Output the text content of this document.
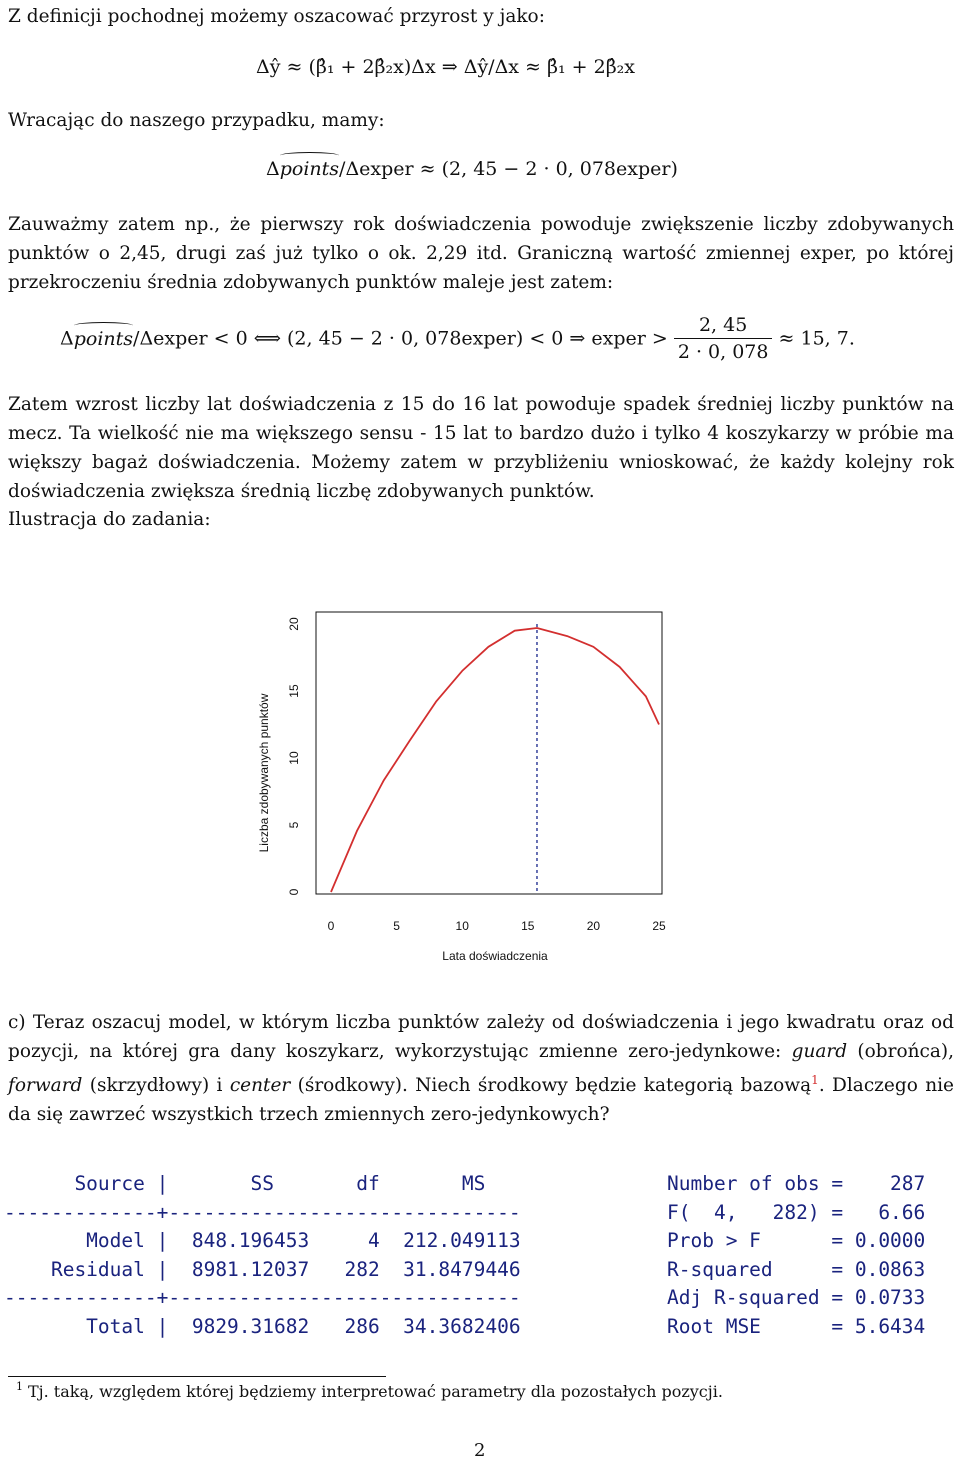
Z definicji pochodnej możemy oszacować przyrost y jako:

Δŷ ≈ (β̂₁ + 2β̂₂x)Δx ⇒ Δŷ/Δx ≈ β̂₁ + 2β̂₂x

Wracając do naszego przypadku, mamy:

Δpoints/Δexper ≈ (2, 45 − 2 · 0, 078exper)

Zauważmy zatem np., że pierwszy rok doświadczenia powoduje zwiększenie liczby zdobywanych punktów o 2,45, drugi zaś już tylko o ok. 2,29 itd. Graniczną wartość zmiennej exper, po której przekroczeniu średnia zdobywanych punktów maleje jest zatem:

Δpoints/Δexper < 0 ⟺ (2, 45 − 2 · 0, 078exper) < 0 ⇒ exper > $\frac{2, 45}{2 \cdot 0, 078} \approx 15$, 7.

Zatem wzrost liczby lat doświadczenia z 15 do 16 lat powoduje spadek średniej liczby punktów na mecz. Ta wielkość nie ma większego sensu - 15 lat to bardzo dużo i tylko 4 koszykarzy w próbie ma większy bagaż doświadczenia. Możemy zatem w przybliżeniu wnioskować, że każdy kolejny rok doświadczenia zwiększa średnią liczbę zdobywanych punktów.

Ilustracja do zadania:

0	5	10	15	20	25
0
5
10
15
20
Lata doświadczenia
Liczba zdobywanych punktów

c) Teraz oszacuj model, w którym liczba punktów zależy od doświadczenia i jego kwadratu oraz od pozycji, na której gra dany koszykarz, wykorzystując zmienne zero-jedynkowe: guard (obrońca), forward (skrzydłowy) i center (środkowy). Niech środkowy będzie kategorią bazową$^1$. Dlaczego nie da się zawrzeć wszystkich trzech zmiennych zero-jedynkowych?

Source |       SS       df       MS
-------------+------------------------------
Model |  848.196453     4  212.049113
Residual |  8981.12037   282  31.8479446
-------------+------------------------------
Total |  9829.31682   286  34.3682406
Number of obs =    287
F(  4,   282) =   6.66
Prob > F      = 0.0000
R-squared     = 0.0863
Adj R-squared = 0.0733
Root MSE      = 5.6434
1 Tj. taką, względem której będziemy interpretować parametry dla pozostałych pozycji.
2
